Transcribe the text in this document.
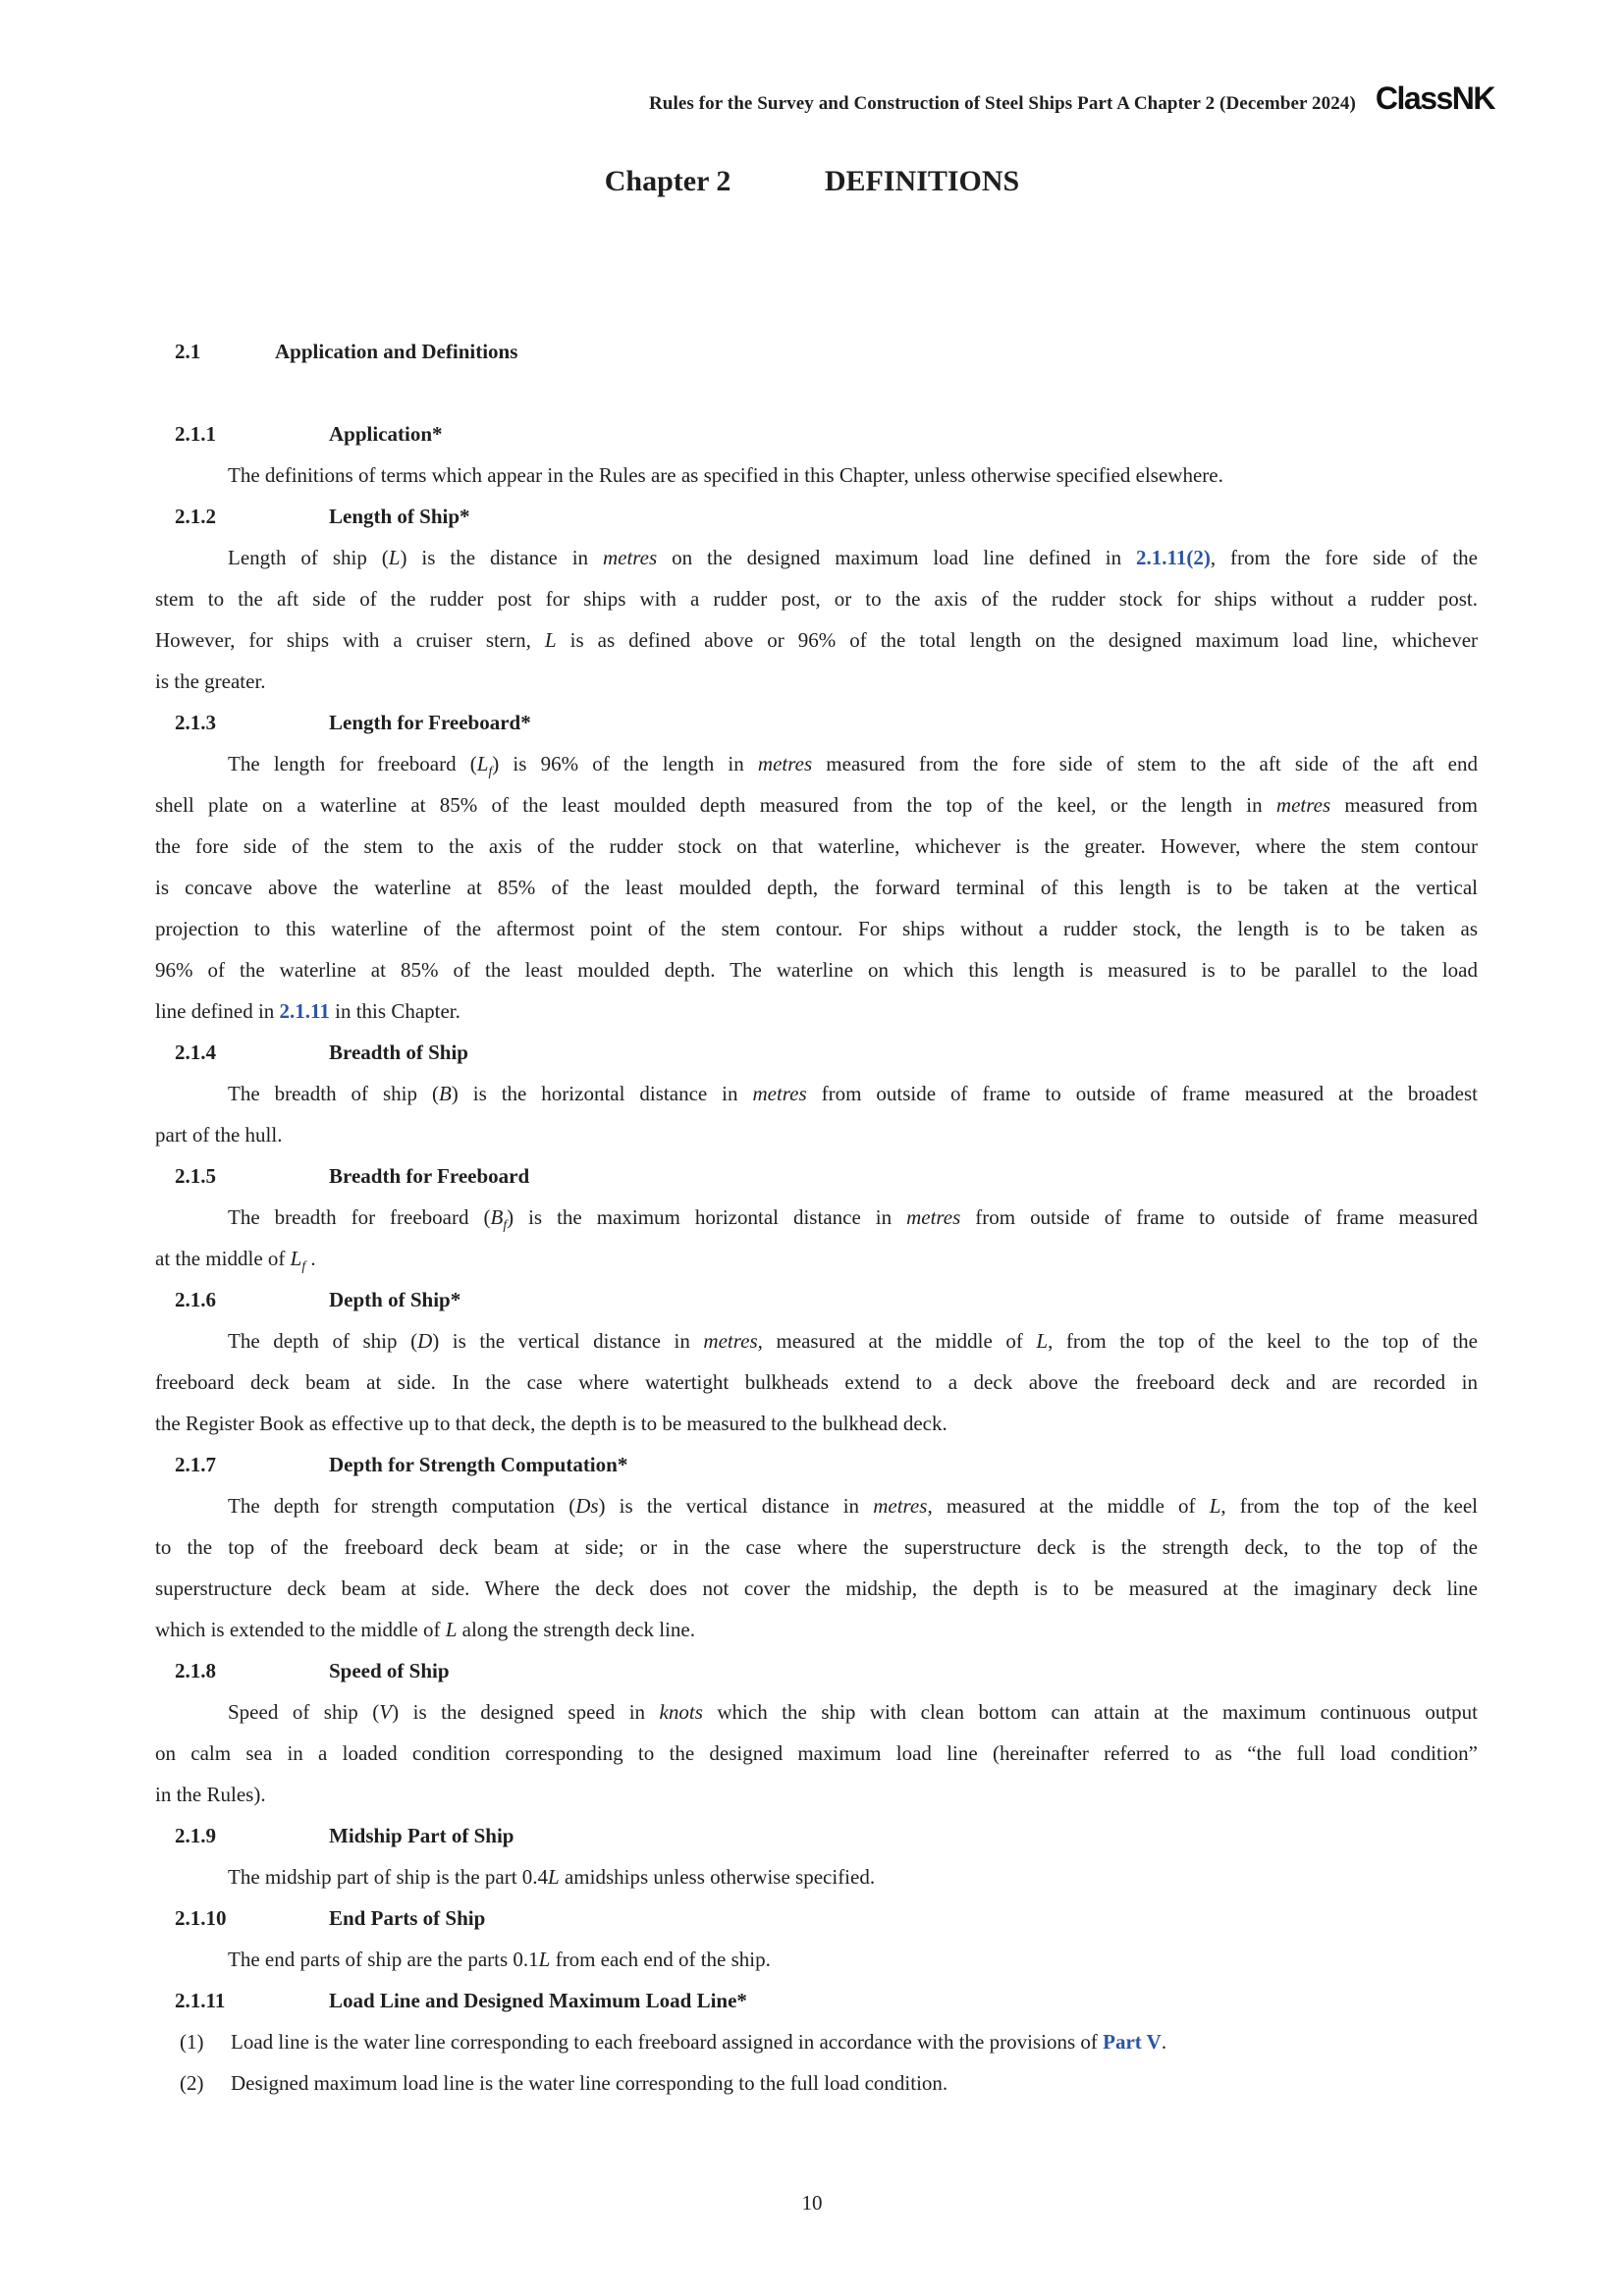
Rules for the Survey and Construction of Steel Ships Part A Chapter 2 (December 2024) ClassNK
Chapter 2	DEFINITIONS
2.1	Application and Definitions
2.1.1	Application*
The definitions of terms which appear in the Rules are as specified in this Chapter, unless otherwise specified elsewhere.
2.1.2	Length of Ship*
Length of ship (L) is the distance in metres on the designed maximum load line defined in 2.1.11(2), from the fore side of the
stem to the aft side of the rudder post for ships with a rudder post, or to the axis of the rudder stock for ships without a rudder post.
However, for ships with a cruiser stern, L is as defined above or 96% of the total length on the designed maximum load line, whichever
is the greater.
2.1.3	Length for Freeboard*
The length for freeboard $(L_f)$ is 96% of the length in metres measured from the fore side of stem to the aft side of the aft end
shell plate on a waterline at 85% of the least moulded depth measured from the top of the keel, or the length in metres measured from
the fore side of the stem to the axis of the rudder stock on that waterline, whichever is the greater. However, where the stem contour
is concave above the waterline at 85% of the least moulded depth, the forward terminal of this length is to be taken at the vertical
projection to this waterline of the aftermost point of the stem contour. For ships without a rudder stock, the length is to be taken as
96% of the waterline at 85% of the least moulded depth. The waterline on which this length is measured is to be parallel to the load
line defined in 2.1.11 in this Chapter.
2.1.4	Breadth of Ship
The breadth of ship (B) is the horizontal distance in metres from outside of frame to outside of frame measured at the broadest
part of the hull.
2.1.5	Breadth for Freeboard
The breadth for freeboard $(B_f)$ is the maximum horizontal distance in metres from outside of frame to outside of frame measured
at the middle of $L_f$ .
2.1.6	Depth of Ship*
The depth of ship (D) is the vertical distance in metres, measured at the middle of L, from the top of the keel to the top of the
freeboard deck beam at side. In the case where watertight bulkheads extend to a deck above the freeboard deck and are recorded in
the Register Book as effective up to that deck, the depth is to be measured to the bulkhead deck.
2.1.7	Depth for Strength Computation*
The depth for strength computation (Ds) is the vertical distance in metres, measured at the middle of L, from the top of the keel
to the top of the freeboard deck beam at side; or in the case where the superstructure deck is the strength deck, to the top of the
superstructure deck beam at side. Where the deck does not cover the midship, the depth is to be measured at the imaginary deck line
which is extended to the middle of L along the strength deck line.
2.1.8	Speed of Ship
Speed of ship (V) is the designed speed in knots which the ship with clean bottom can attain at the maximum continuous output
on calm sea in a loaded condition corresponding to the designed maximum load line (hereinafter referred to as “the full load condition”
in the Rules).
2.1.9	Midship Part of Ship
The midship part of ship is the part 0.4L amidships unless otherwise specified.
2.1.10	End Parts of Ship
The end parts of ship are the parts 0.1L from each end of the ship.
2.1.11	Load Line and Designed Maximum Load Line*
(1)	Load line is the water line corresponding to each freeboard assigned in accordance with the provisions of Part V.
(2)	Designed maximum load line is the water line corresponding to the full load condition.
10
